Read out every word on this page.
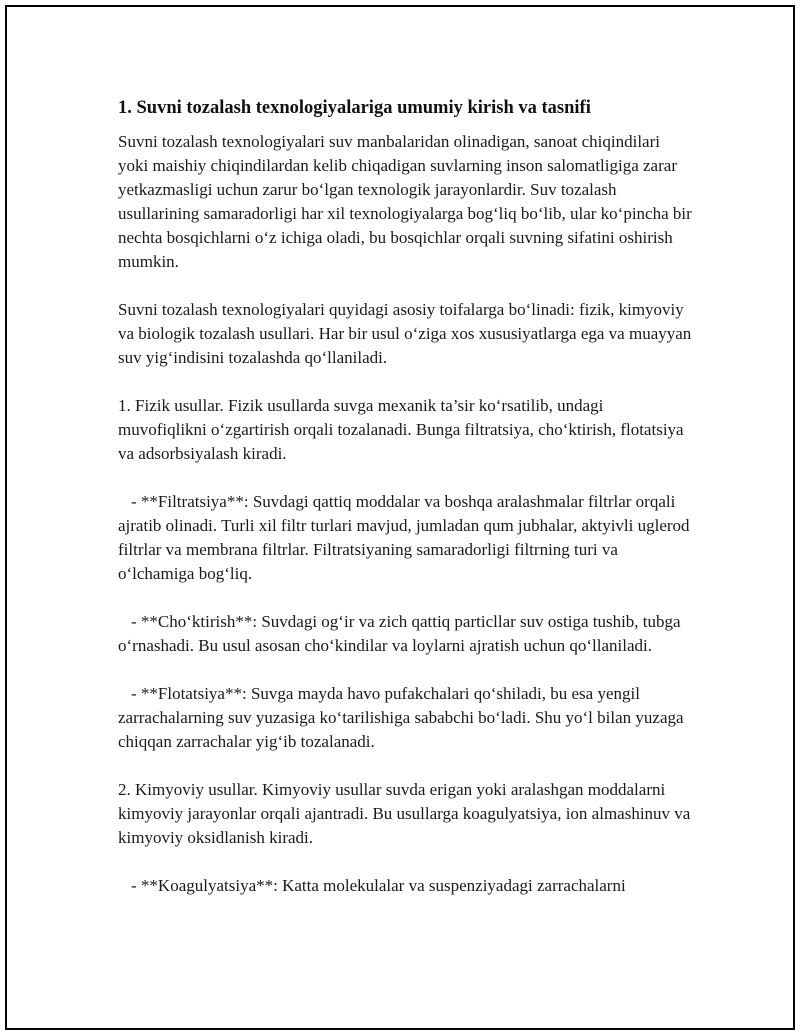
1. Suvni tozalash texnologiyalariga umumiy kirish va tasnifi

Suvni tozalash texnologiyalari suv manbalaridan olinadigan, sanoat chiqindilari yoki maishiy chiqindilardan kelib chiqadigan suvlarning inson salomatligiga zarar yetkazmasligi uchun zarur bo‘lgan texnologik jarayonlardir. Suv tozalash usullarining samaradorligi har xil texnologiyalarga bog‘liq bo‘lib, ular ko‘pincha bir nechta bosqichlarni o‘z ichiga oladi, bu bosqichlar orqali suvning sifatini oshirish mumkin.

Suvni tozalash texnologiyalari quyidagi asosiy toifalarga bo‘linadi: fizik, kimyoviy va biologik tozalash usullari. Har bir usul o‘ziga xos xususiyatlarga ega va muayyan suv yig‘indisini tozalashda qo‘llaniladi.

1. Fizik usullar. Fizik usullarda suvga mexanik ta’sir ko‘rsatilib, undagi muvofiqlikni o‘zgartirish orqali tozalanadi. Bunga filtratsiya, cho‘ktirish, flotatsiya va adsorbsiyalash kiradi.

- **Filtratsiya**: Suvdagi qattiq moddalar va boshqa aralashmalar filtrlar orqali ajratib olinadi. Turli xil filtr turlari mavjud, jumladan qum jubhalar, aktyivli uglerod filtrlar va membrana filtrlar. Filtratsiyaning samaradorligi filtrning turi va o‘lchamiga bog‘liq.

- **Cho‘ktirish**: Suvdagi og‘ir va zich qattiq particllar suv ostiga tushib, tubga o‘rnashadi. Bu usul asosan cho‘kindilar va loylarni ajratish uchun qo‘llaniladi.

- **Flotatsiya**: Suvga mayda havo pufakchalari qo‘shiladi, bu esa yengil zarrachalarning suv yuzasiga ko‘tarilishiga sababchi bo‘ladi. Shu yo‘l bilan yuzaga chiqqan zarrachalar yig‘ib tozalanadi.

2. Kimyoviy usullar. Kimyoviy usullar suvda erigan yoki aralashgan moddalarni kimyoviy jarayonlar orqali ajantradi. Bu usullarga koagulyatsiya, ion almashinuv va kimyoviy oksidlanish kiradi.

- **Koagulyatsiya**: Katta molekulalar va suspenziyadagi zarrachalarni
